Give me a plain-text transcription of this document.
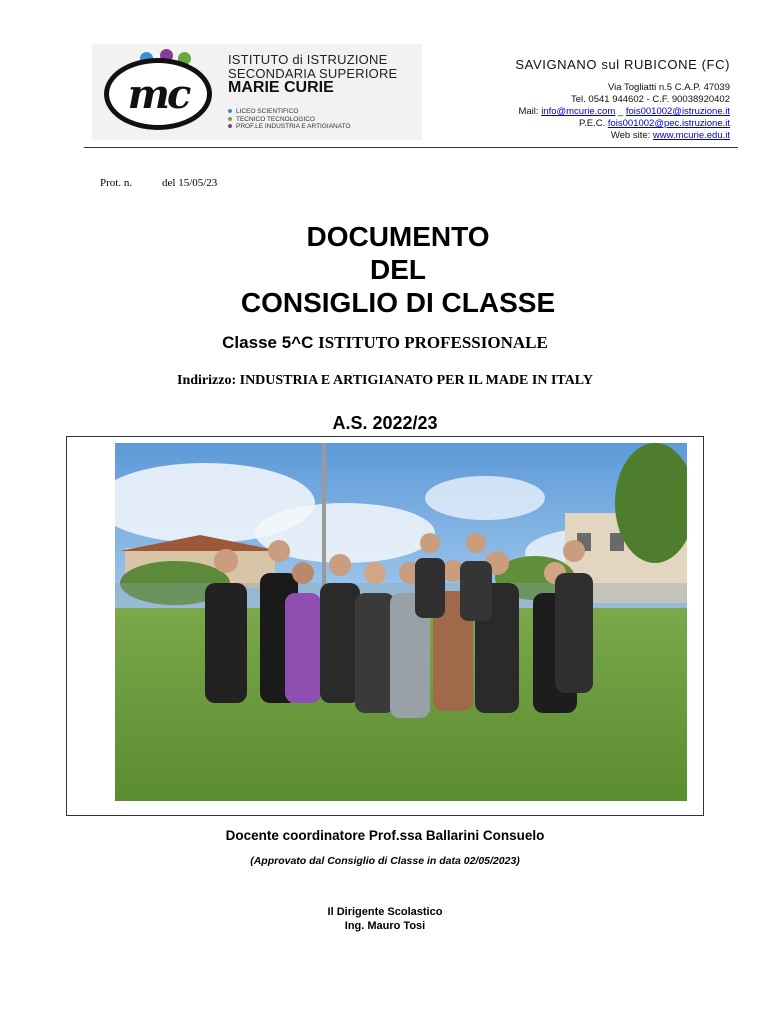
mc
ISTITUTO di ISTRUZIONE
SECONDARIA SUPERIORE
MARIE CURIE
LICEO SCIENTIFICO
TECNICO TECNOLOGICO
PROF.LE INDUSTRIA E ARTIGIANATO
SAVIGNANO sul RUBICONE (FC)
Via Togliatti n.5 C.A.P. 47039
Tel. 0541 944602 - C.F. 90038920402
Mail: info@mcurie.com _ fois001002@istruzione.it
P.E.C. fois001002@pec.istruzione.it
Web site: www.mcurie.edu.it
Prot. n.	del 15/05/23
DOCUMENTO
DEL
CONSIGLIO DI CLASSE
Classe 5^C ISTITUTO PROFESSIONALE
Indirizzo: INDUSTRIA E ARTIGIANATO PER IL MADE IN ITALY
A.S. 2022/23
Docente coordinatore Prof.ssa Ballarini Consuelo
(Approvato dal Consiglio di Classe in data 02/05/2023)
Il Dirigente Scolastico
Ing. Mauro Tosi
